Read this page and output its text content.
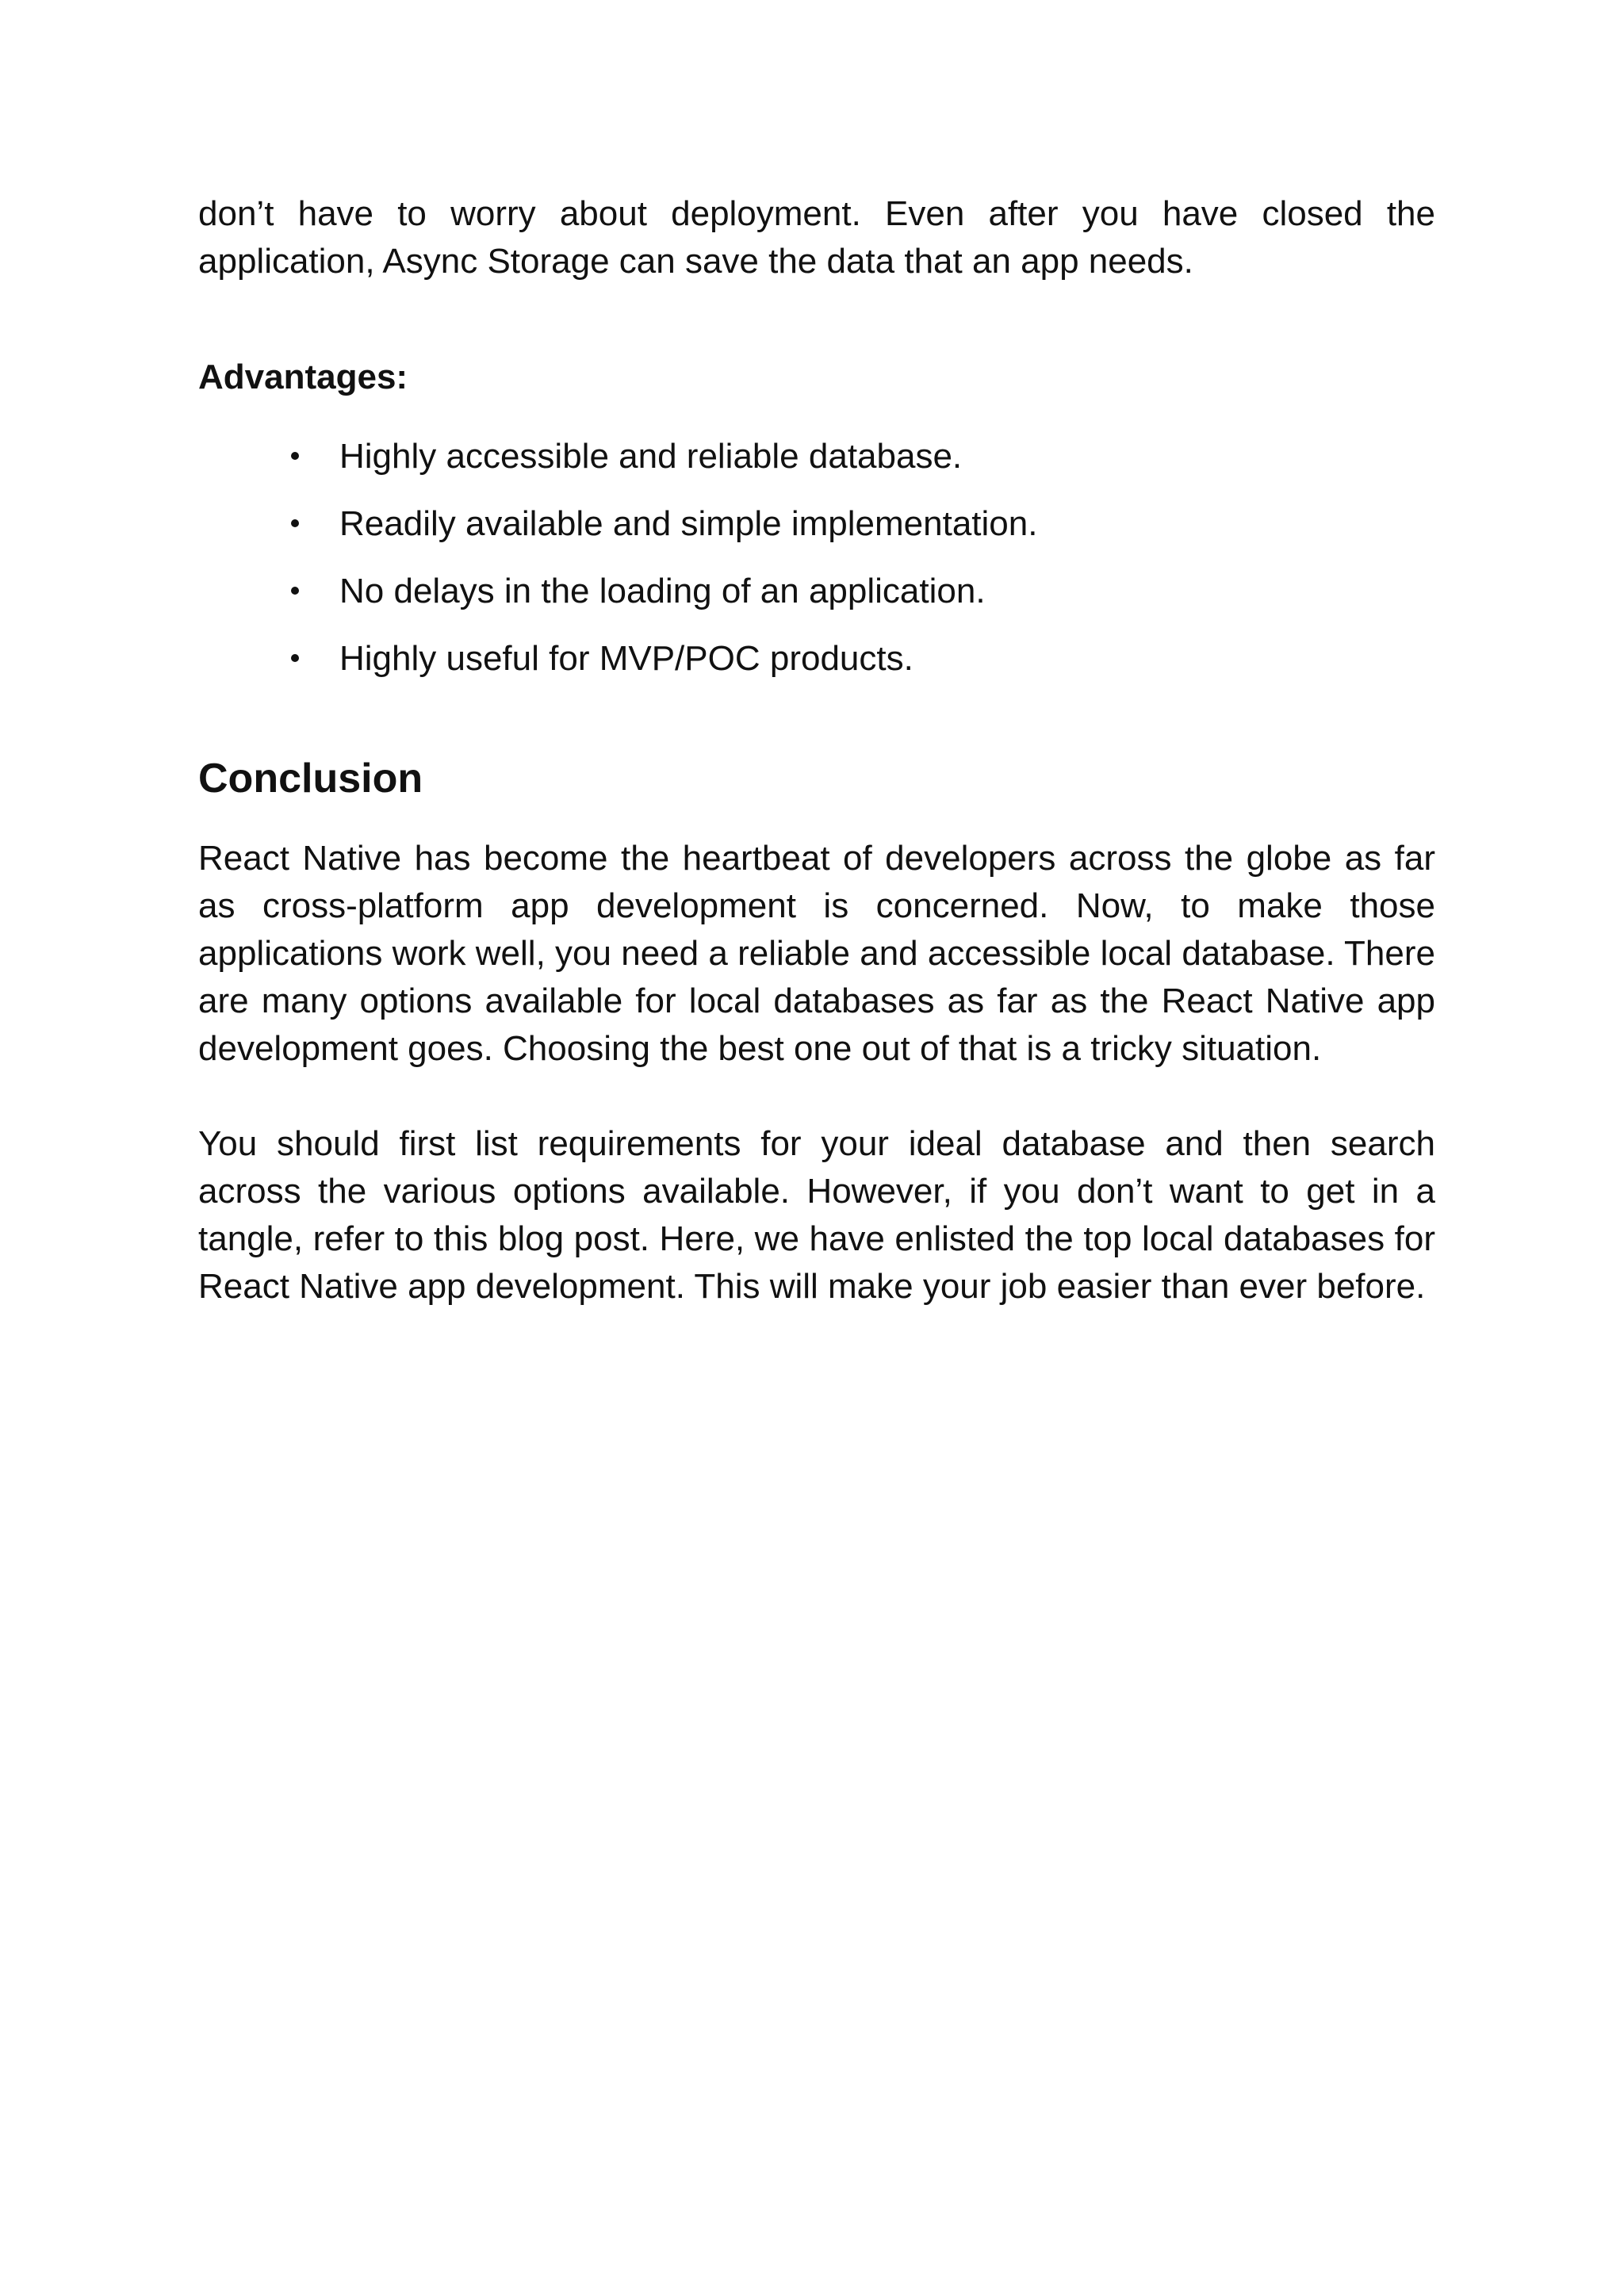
don’t have to worry about deployment. Even after you have closed the application, Async Storage can save the data that an app needs.

Advantages:
Highly accessible and reliable database.
Readily available and simple implementation.
No delays in the loading of an application.
Highly useful for MVP/POC products.
Conclusion

React Native has become the heartbeat of developers across the globe as far as cross-platform app development is concerned. Now, to make those applications work well, you need a reliable and accessible local database. There are many options available for local databases as far as the React Native app development goes. Choosing the best one out of that is a tricky situation.

You should first list requirements for your ideal database and then search across the various options available. However, if you don’t want to get in a tangle, refer to this blog post. Here, we have enlisted the top local databases for React Native app development. This will make your job easier than ever before.
